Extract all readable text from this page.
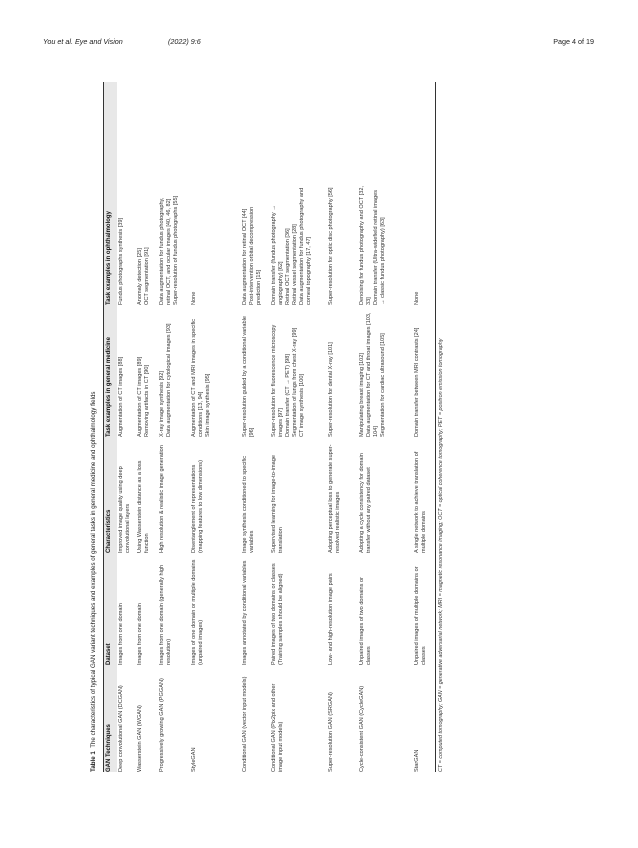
You et al. Eye and Vision	(2022) 9:6	Page 4 of 19
Table 1  The characteristics of typical GAN variant techniques and examples of general tasks in general medicine and ophthalmology fields
GAN Techniques
Dataset
Characteristics
Task examples in general medicine
Task examples in ophthalmology
Deep convolutional GAN (DCGAN)
Images from one domain
Improved image quality using deep convolutional layers
Augmentation of CT images [88]
Fundus photographs synthesis [39]
Wasserstein GAN (WGAN)
Images from one domain
Using Wasserstein distance as a loss function
Augmentation of CT images [89] Removing artifacts in CT [90]
Anomaly detection [25] OCT segmentation [91]
Progressively growing GAN (PGGAN)
Images from one domain (generally high resolution)
High resolution & realistic image generation
X-ray image synthesis [92] Data augmentation for cytological images [93]
Data augmentation for fundus photography, retinal OCT, and ocular images [40, 46, 82] Super-resolution of fundus photographs [55]
StyleGAN
Images of one domain or multiple domains (unpaired images)
Disentanglement of representations (mapping features to low dimensions)
Augmentation of CT and MRI images in specific conditions [13, 94] Skin image synthesis [95]
None
Conditional GAN (vector input models)
Images annotated by conditional variables
Image synthesis conditioned to specific variables
Super-resolution guided by a conditional variable [96]
Data augmentation for retinal OCT [44] Post-intervention orbital decompression prediction [15]
Conditional GAN (Pix2pix and other image input models)
Paired images of two domains or classes (Training samples should be aligned)
Supervised learning for image-to-image translation
Super-resolution for fluorescence microscopy images [97] Domain transfer (CT → PET) [98] Segmentation of lungs from chest X-ray [99] CT image synthesis [100]
Domain transfer (fundus photography → angiography) [62] Retinal OCT segmentation [36] Retinal vessel segmentation [28] Data augmentation for fundus photography and corneal topography [17, 47]
Super-resolution GAN (SRGAN)
Low- and high-resolution image pairs
Adopting perceptual loss to generate super-resolved realistic images
Super-resolution for dental X-ray [101]
Super-resolution for optic disc photography [56]
Cycle-consistent GAN (CycleGAN)
Unpaired images of two domains or classes
Adopting a cycle consistency for domain transfer without any paired dataset
Manipulating breast imaging [102] Data augmentation for CT and throat images [103, 104] Segmentation for cardiac ultrasound [105]
Denoising for fundus photography and OCT [32, 33] Domain transfer (Ultra-widefield retinal images → classic fundus photography) [63]
StarGAN
Unpaired images of multiple domains or classes
A single network to achieve translation of multiple domains
Domain transfer between MRI contrasts [24]
None
CT = computed tomography; GAN = generative adversarial network; MRI = magnetic resonance imaging; OCT = optical coherence tomography; PET = positron emission tomography
